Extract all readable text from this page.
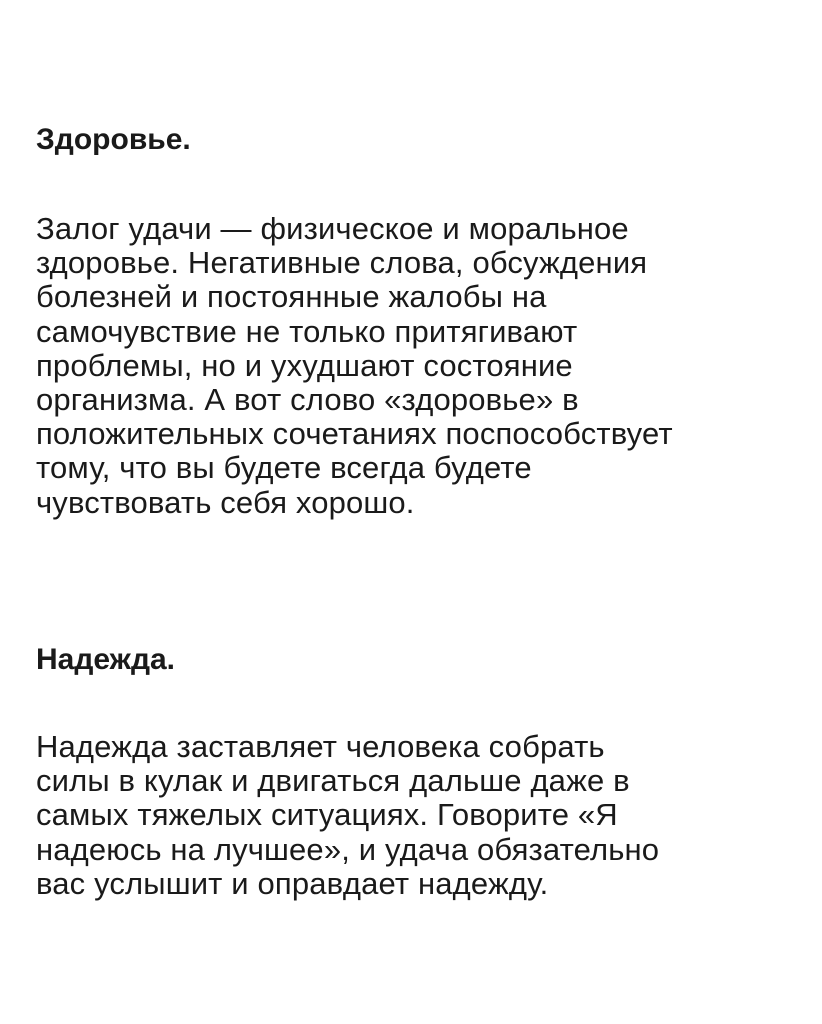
Здоровье.

Залог удачи — физическое и моральное
здоровье. Негативные слова, обсуждения
болезней и постоянные жалобы на
самочувствие не только притягивают
проблемы, но и ухудшают состояние
организма. А вот слово «здоровье» в
положительных сочетаниях поспособствует
тому, что вы будете всегда будете
чувствовать себя хорошо.

Надежда.

Надежда заставляет человека собрать
силы в кулак и двигаться дальше даже в
самых тяжелых ситуациях. Говорите «Я
надеюсь на лучшее», и удача обязательно
вас услышит и оправдает надежду.
